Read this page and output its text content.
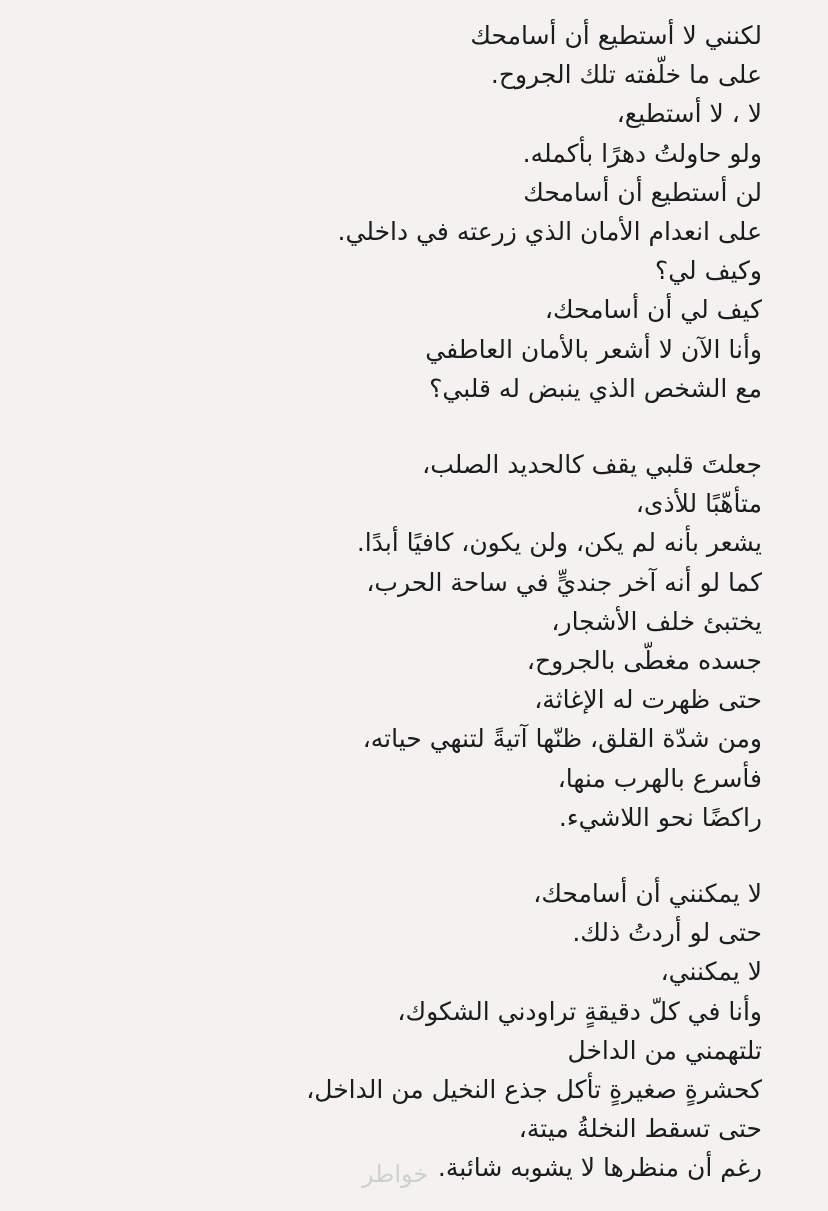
لكنني لا أستطيع أن أسامحك
على ما خلّفته تلك الجروح.
لا ، لا أستطيع،
ولو حاولتُ دهرًا بأكمله.
لن أستطيع أن أسامحك
على انعدام الأمان الذي زرعته في داخلي.
وكيف لي؟
كيف لي أن أسامحك،
وأنا الآن لا أشعر بالأمان العاطفي
مع الشخص الذي ينبض له قلبي؟
جعلتَ قلبي يقف كالحديد الصلب،
متأهّبًا للأذى،
يشعر بأنه لم يكن، ولن يكون، كافيًا أبدًا.
كما لو أنه آخر جنديٍّ في ساحة الحرب،
يختبئ خلف الأشجار،
جسده مغطّى بالجروح،
حتى ظهرت له الإغاثة،
ومن شدّة القلق، ظنّها آتيةً لتنهي حياته،
فأسرع بالهرب منها،
راكضًا نحو اللاشيء.
لا يمكنني أن أسامحك،
حتى لو أردتُ ذلك.
لا يمكنني،
وأنا في كلّ دقيقةٍ تراودني الشكوك،
تلتهمني من الداخل
كحشرةٍ صغيرةٍ تأكل جذع النخيل من الداخل،
حتى تسقط النخلةُ ميتة،
رغم أن منظرها لا يشوبه شائبة.
خواطر
